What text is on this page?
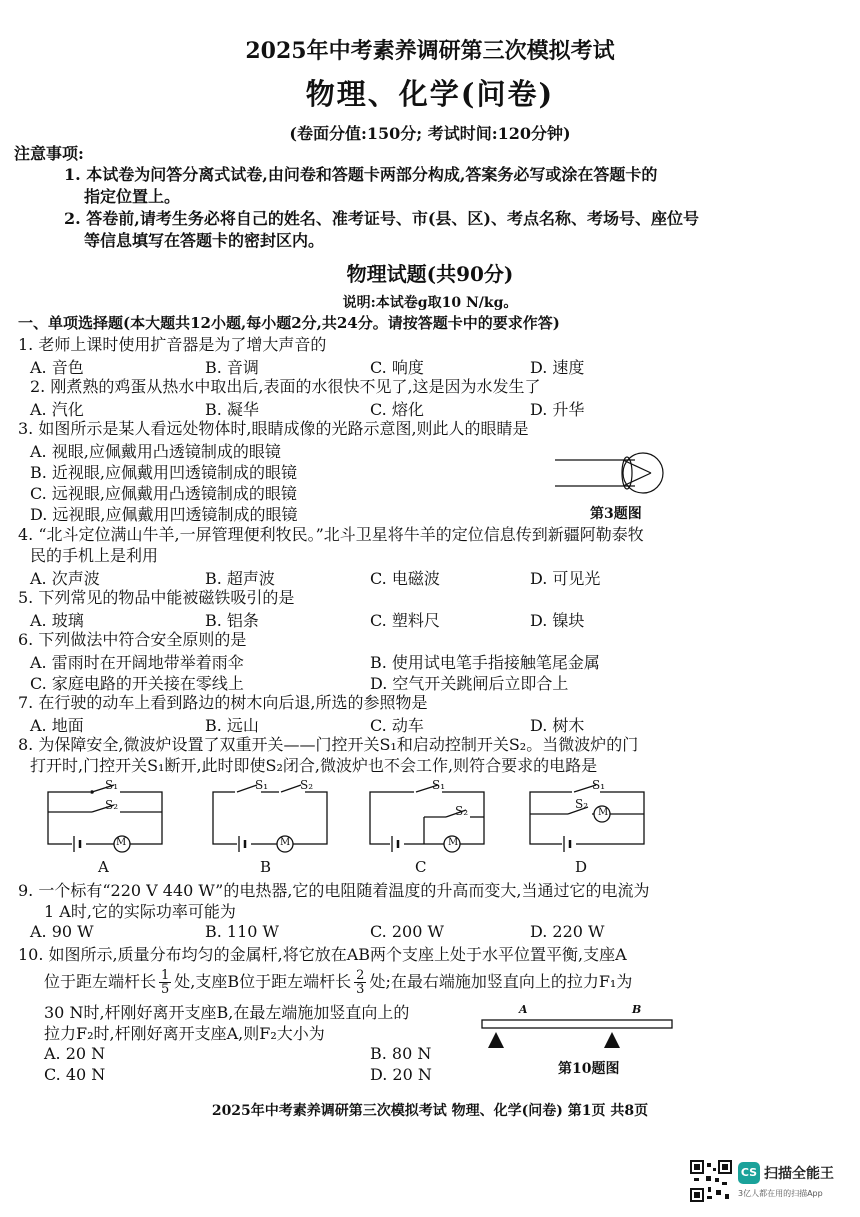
2025年中考素养调研第三次模拟考试
物理、化学(问卷)
(卷面分值:150分; 考试时间:120分钟)
注意事项:
1. 本试卷为问答分离式试卷,由问卷和答题卡两部分构成,答案务必写或涂在答题卡的
指定位置上。
2. 答卷前,请考生务必将自己的姓名、准考证号、市(县、区)、考点名称、考场号、座位号
等信息填写在答题卡的密封区内。
物理试题(共90分)
说明:本试卷g取10 N/kg。
一、单项选择题(本大题共12小题,每小题2分,共24分。请按答题卡中的要求作答)
1. 老师上课时使用扩音器是为了增大声音的
A. 音色	B. 音调	C. 响度	D. 速度
2. 刚煮熟的鸡蛋从热水中取出后,表面的水很快不见了,这是因为水发生了
A. 汽化	B. 凝华	C. 熔化	D. 升华
3. 如图所示是某人看远处物体时,眼睛成像的光路示意图,则此人的眼睛是
A. 视眼,应佩戴用凸透镜制成的眼镜
B. 近视眼,应佩戴用凹透镜制成的眼镜
C. 远视眼,应佩戴用凸透镜制成的眼镜
D. 远视眼,应佩戴用凹透镜制成的眼镜	第3题图
4. “北斗定位满山牛羊,一屏管理便利牧民。”北斗卫星将牛羊的定位信息传到新疆阿勒泰牧
民的手机上是利用
A. 次声波	B. 超声波	C. 电磁波	D. 可见光
5. 下列常见的物品中能被磁铁吸引的是
A. 玻璃	B. 铝条	C. 塑料尺	D. 镍块
6. 下列做法中符合安全原则的是
A. 雷雨时在开阔地带举着雨伞	B. 使用试电笔手指接触笔尾金属
C. 家庭电路的开关接在零线上	D. 空气开关跳闸后立即合上
7. 在行驶的动车上看到路边的树木向后退,所选的参照物是
A. 地面	B. 远山	C. 动车	D. 树木
8. 为保障安全,微波炉设置了双重开关——门控开关S₁和启动控制开关S₂。当微波炉的门
打开时,门控开关S₁断开,此时即使S₂闭合,微波炉也不会工作,则符合要求的电路是
S₁
S₂
M
A
S₁	S₂
M
B
S₁
S₂
M
C
S₁
S₂
M
D
9. 一个标有“220 V 440 W”的电热器,它的电阻随着温度的升高而变大,当通过它的电流为
1 A时,它的实际功率可能为
A. 90 W	B. 110 W	C. 200 W	D. 220 W
10. 如图所示,质量分布均匀的金属杆,将它放在AB两个支座上处于水平位置平衡,支座A
位于距左端杆长 $\frac{1}{5}$ 处,支座B位于距左端杆长 $\frac{2}{3}$ 处;在最右端施加竖直向上的拉力F₁为
30 N时,杆刚好离开支座B,在最左端施加竖直向上的
拉力F₂时,杆刚好离开支座A,则F₂大小为
A. 20 N	B. 80 N
C. 40 N	D. 20 N
A	B
第10题图
2025年中考素养调研第三次模拟考试 物理、化学(问卷) 第1页 共8页
CS 扫描全能王
3亿人都在用的扫描App
